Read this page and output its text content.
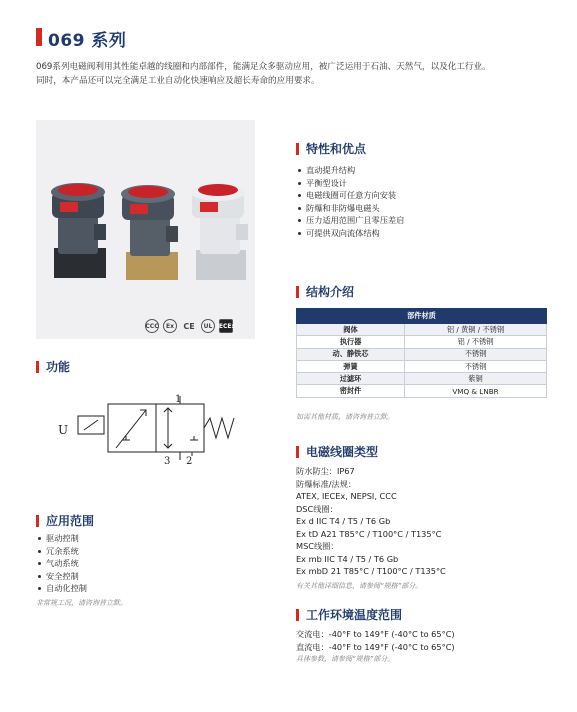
069 系列

069系列电磁阀利用其性能卓越的线圈和内部部件，能满足众多驱动应用，被广泛运用于石油、天然气，以及化工行业。

同时，本产品还可以完全满足工业自动化快速响应及超长寿命的应用要求。

CCC	Ex	CE	UL IECEx
特性和优点
直动提升结构
平衡型设计
电磁线圈可任意方向安装
防爆和非防爆电磁头
压力适用范围广且零压差启
可提供双向流体结构
结构介绍
部件材质	
阀体	铝 / 黄铜 / 不锈钢
执行器	铝 / 不锈钢
动、静铁芯	不锈钢
弹簧	不锈钢
过滤环	紫铜
密封件	VMQ & LNBR
如需其他材质，请咨询普立默。
功能
U
1
3 2
应用范围
驱动控制
冗余系统
气动系统
安全控制
自动化控制
非常规工况，请咨询普立默。
电磁线圈类型
防水防尘：IP67
防爆标准/法规：
ATEX, IECEx, NEPSI, CCC
DSC线圈：
Ex d IIC T4 / T5 / T6 Gb
Ex tD A21 T85°C / T100°C / T135°C
MSC线圈：
Ex mb IIC T4 / T5 / T6 Gb
Ex mbD 21 T85°C / T100°C / T135°C
有关其他详细信息，请参阅“规格”部分。
工作环境温度范围
交流电：-40°F to 149°F (-40°C to 65°C)
直流电：-40°F to 149°F (-40°C to 65°C)
具体参数，请参阅“规格”部分。
